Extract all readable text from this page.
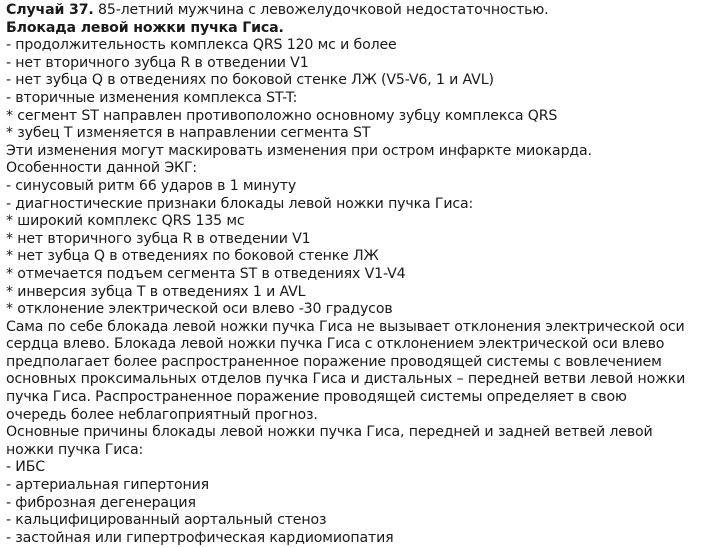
Случай 37. 85-летний мужчина с левожелудочковой недостаточностью.
Блокада левой ножки пучка Гиса.
- продолжительность комплекса QRS 120 мс и более
- нет вторичного зубца R в отведении V1
- нет зубца Q в отведениях по боковой стенке ЛЖ (V5-V6, 1 и AVL)
- вторичные изменения комплекса ST-T:
* сегмент ST направлен противоположно основному зубцу комплекса QRS
* зубец T изменяется в направлении сегмента ST
Эти изменения могут маскировать изменения при остром инфаркте миокарда.
Особенности данной ЭКГ:
- синусовый ритм 66 ударов в 1 минуту
- диагностические признаки блокады левой ножки пучка Гиса:
* широкий комплекс QRS 135 мс
* нет вторичного зубца R в отведении V1
* нет зубца Q в отведениях по боковой стенке ЛЖ
* отмечается подъем сегмента ST в отведениях V1-V4
* инверсия зубца T в отведениях 1 и AVL
* отклонение электрической оси влево -30 градусов
Сама по себе блокада левой ножки пучка Гиса не вызывает отклонения электрической оси
сердца влево. Блокада левой ножки пучка Гиса с отклонением электрической оси влево
предполагает более распространенное поражение проводящей системы с вовлечением
основных проксимальных отделов пучка Гиса и дистальных – передней ветви левой ножки
пучка Гиса. Распространенное поражение проводящей системы определяет в свою
очередь более неблагоприятный прогноз.
Основные причины блокады левой ножки пучка Гиса, передней и задней ветвей левой
ножки пучка Гиса:
- ИБС
- артериальная гипертония
- фиброзная дегенерация
- кальцифицированный аортальный стеноз
- застойная или гипертрофическая кардиомиопатия
